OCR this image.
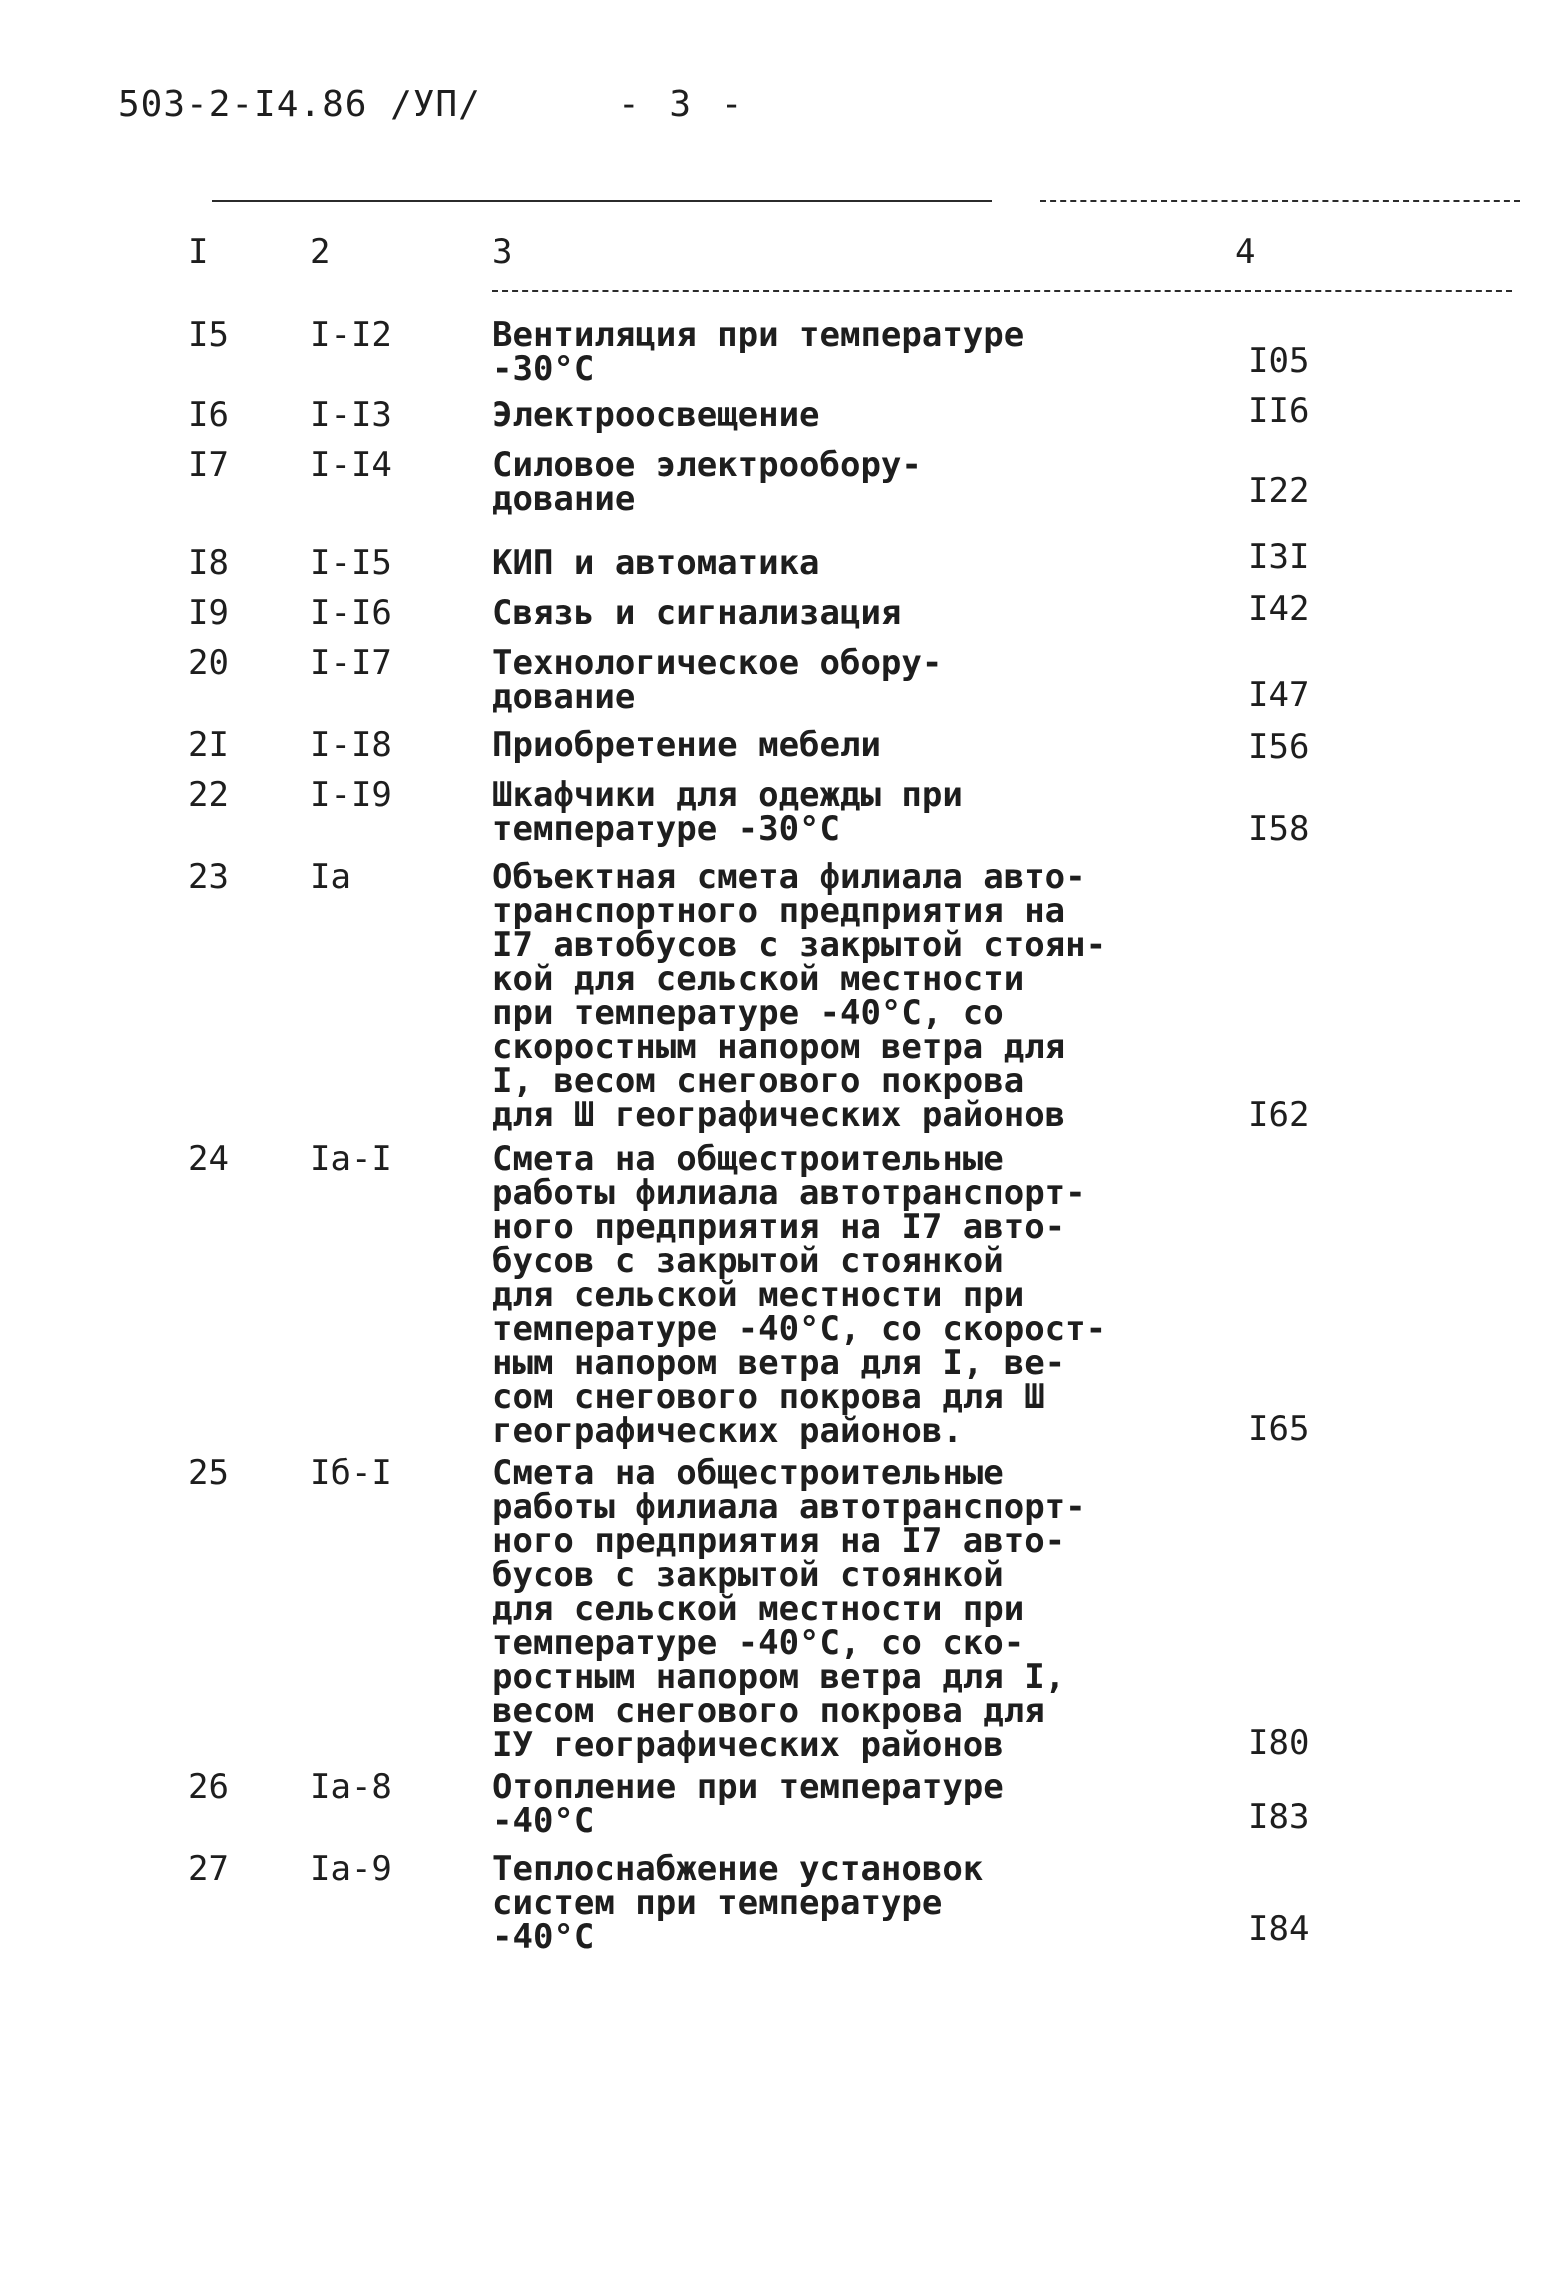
503-2-I4.86 /УП/	- 3 -
I	2	3	4
I5 I-I2	Вентиляция при температуре
-30°С	I05
I6 I-I3	Электроосвещение	II6
I7 I-I4	Силовое электрообору-
дование	I22
I8 I-I5	КИП и автоматика	I3I
I9 I-I6	Связь и сигнализация	I42
20 I-I7	Технологическое обору-
дование	I47
2I I-I8	Приобретение мебели	I56
22 I-I9	Шкафчики для одежды при
температуре -30°С	I58
23 Iа	Объектная смета филиала авто-
транспортного предприятия на
I7 автобусов с закрытой стоян-
кой для сельской местности
при температуре -40°С, со
скоростным напором ветра для
I, весом снегового покрова
для Ш географических районов	I62
24 Iа-I	Смета на общестроительные
работы филиала автотранспорт-
ного предприятия на I7 авто-
бусов с закрытой стоянкой
для сельской местности при
температуре -40°С, со скорост-
ным напором ветра для I, ве-
сом снегового покрова для Ш
географических районов.	I65
25 Iб-I	Смета на общестроительные
работы филиала автотранспорт-
ного предприятия на I7 авто-
бусов с закрытой стоянкой
для сельской местности при
температуре -40°С, со ско-
ростным напором ветра для I,
весом снегового покрова для
IУ географических районов	I80
26 Iа-8	Отопление при температуре
-40°С	I83
27 Iа-9	Теплоснабжение установок
систем при температуре
-40°С	I84
